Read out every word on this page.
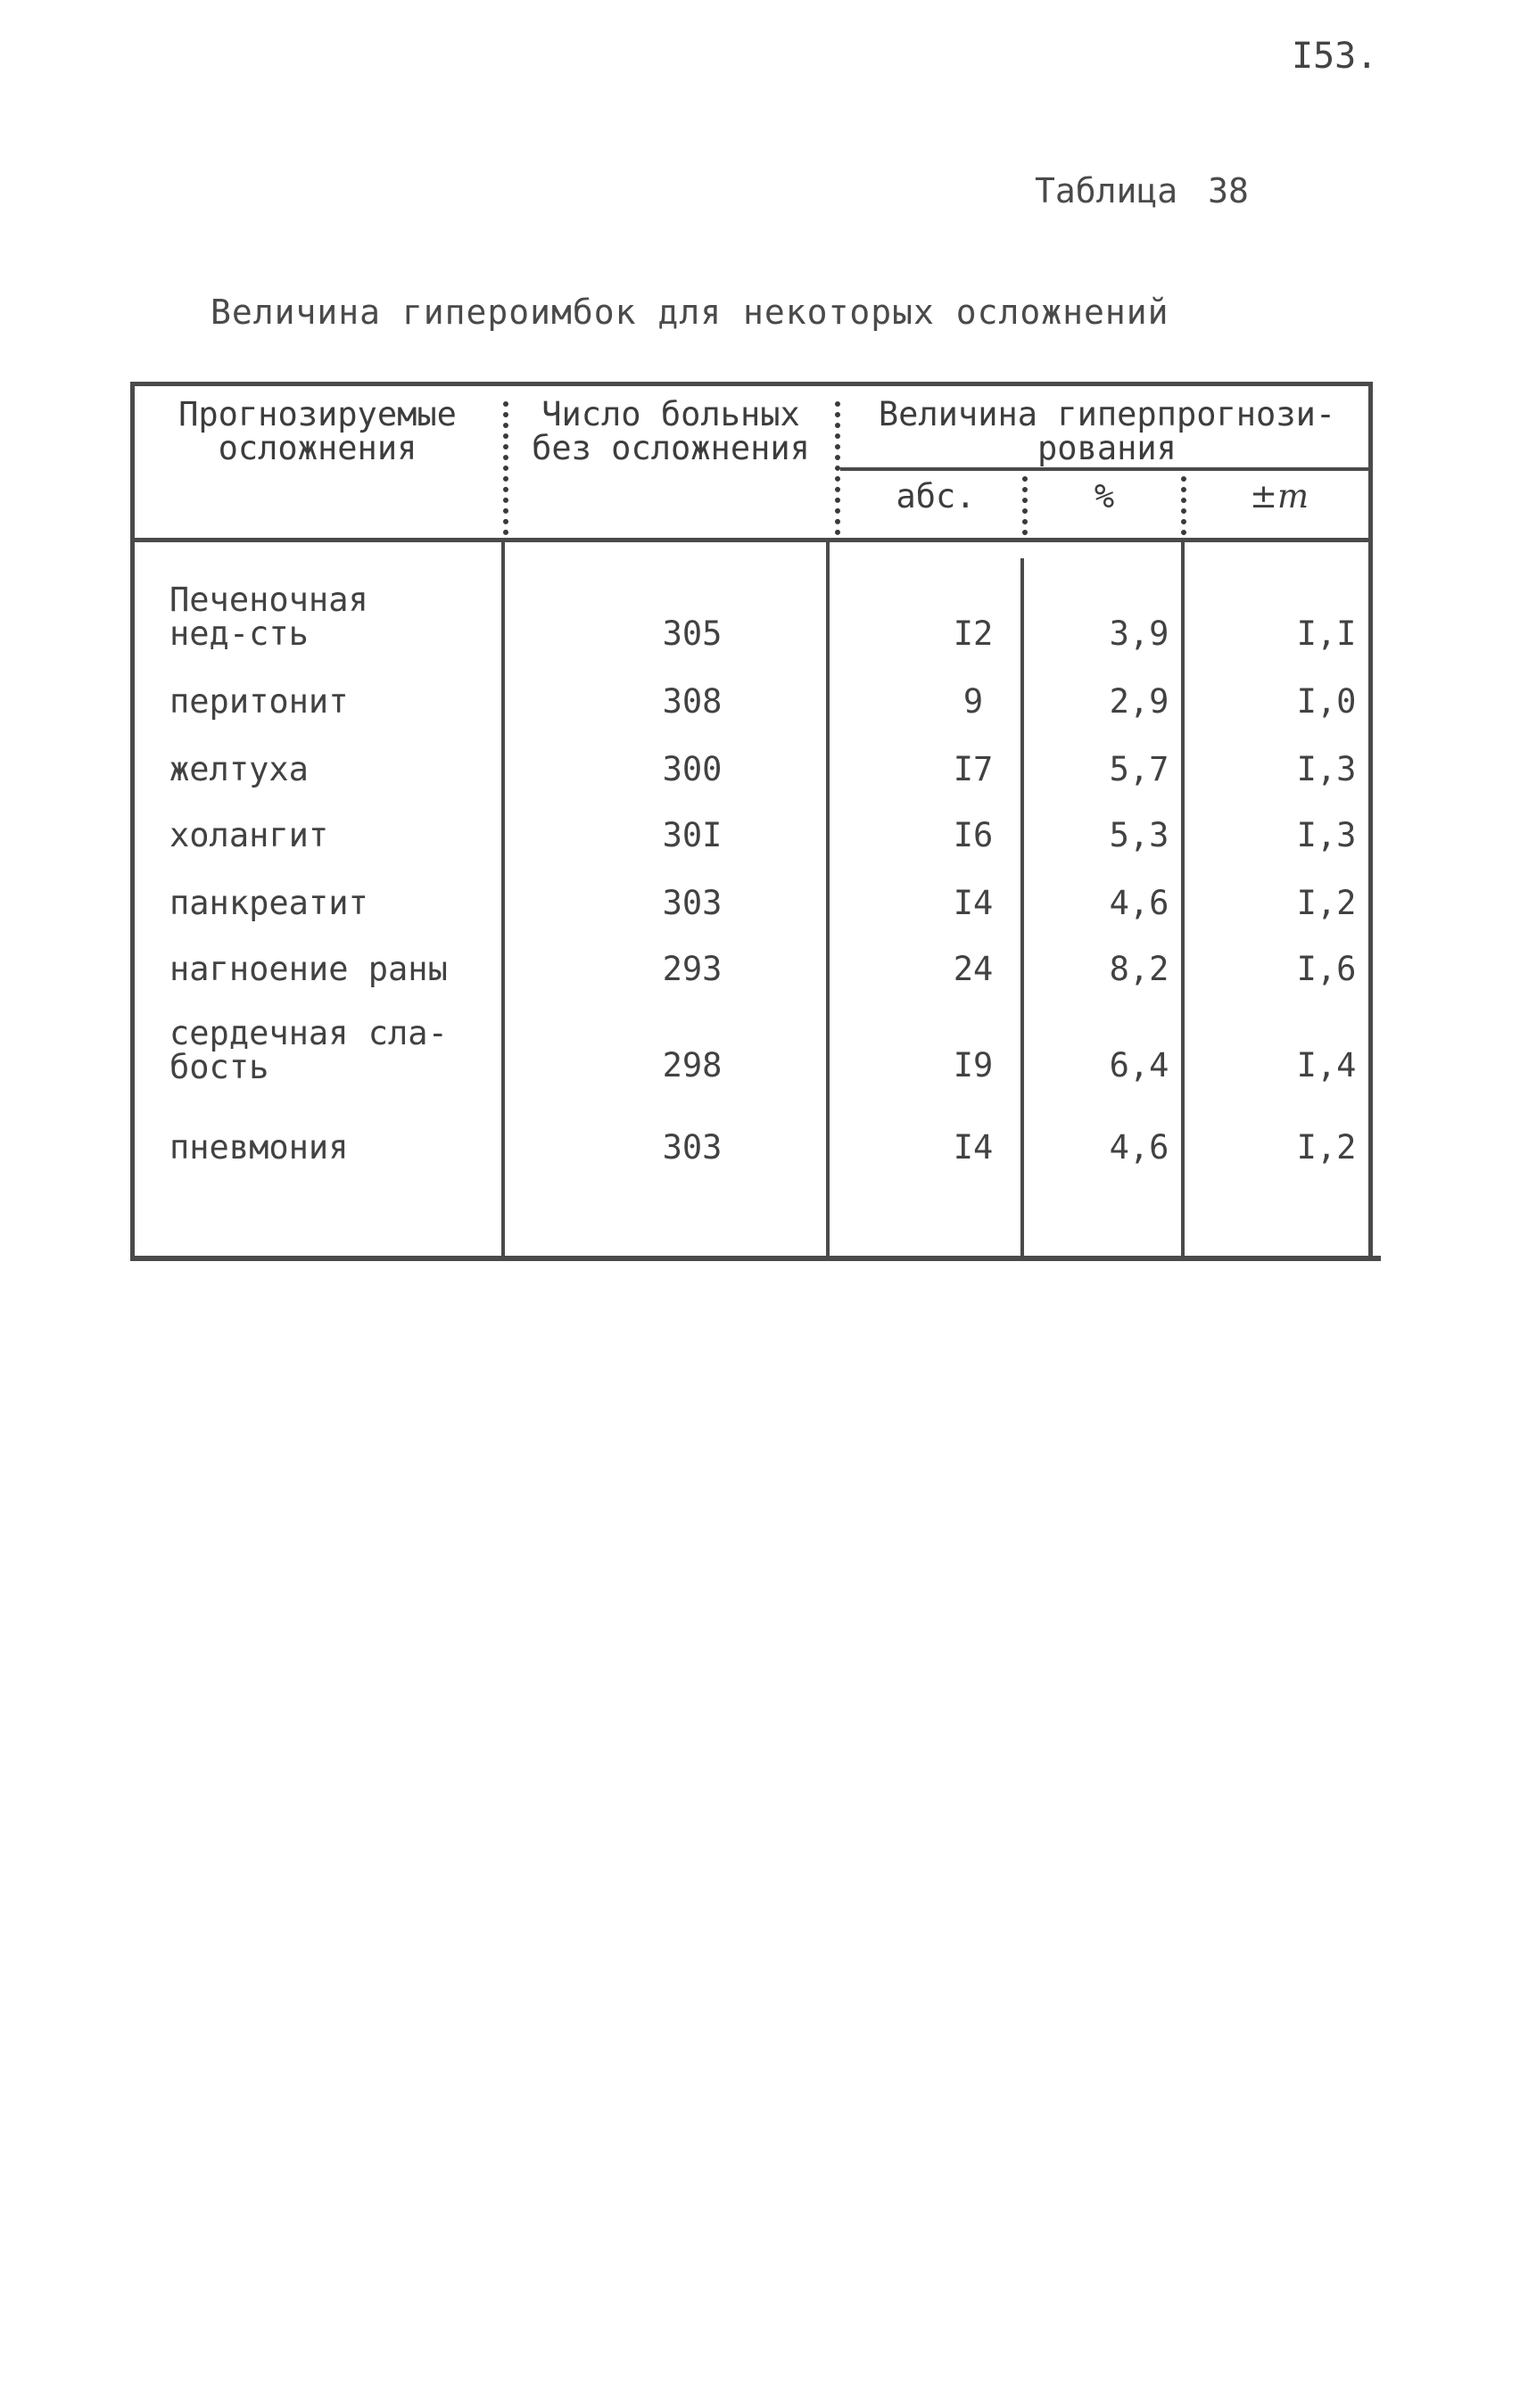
I53.
Таблица 38
Величина гипероимбок для некоторых осложнений
Прогнозируемые
осложнения
Число больных
без осложнения
Величина гиперпрогнози-
рования
абс.	%	±m
Печеночная
нед-сть	305	I2	3,9	I,I
перитонит	308	9	2,9	I,0
желтуха	300	I7	5,7	I,3
холангит	30I	I6	5,3	I,3
панкреатит	303	I4	4,6	I,2
нагноение раны	293	24	8,2	I,6
сердечная сла-
бость	298	I9	6,4	I,4
пневмония	303	I4	4,6	I,2
